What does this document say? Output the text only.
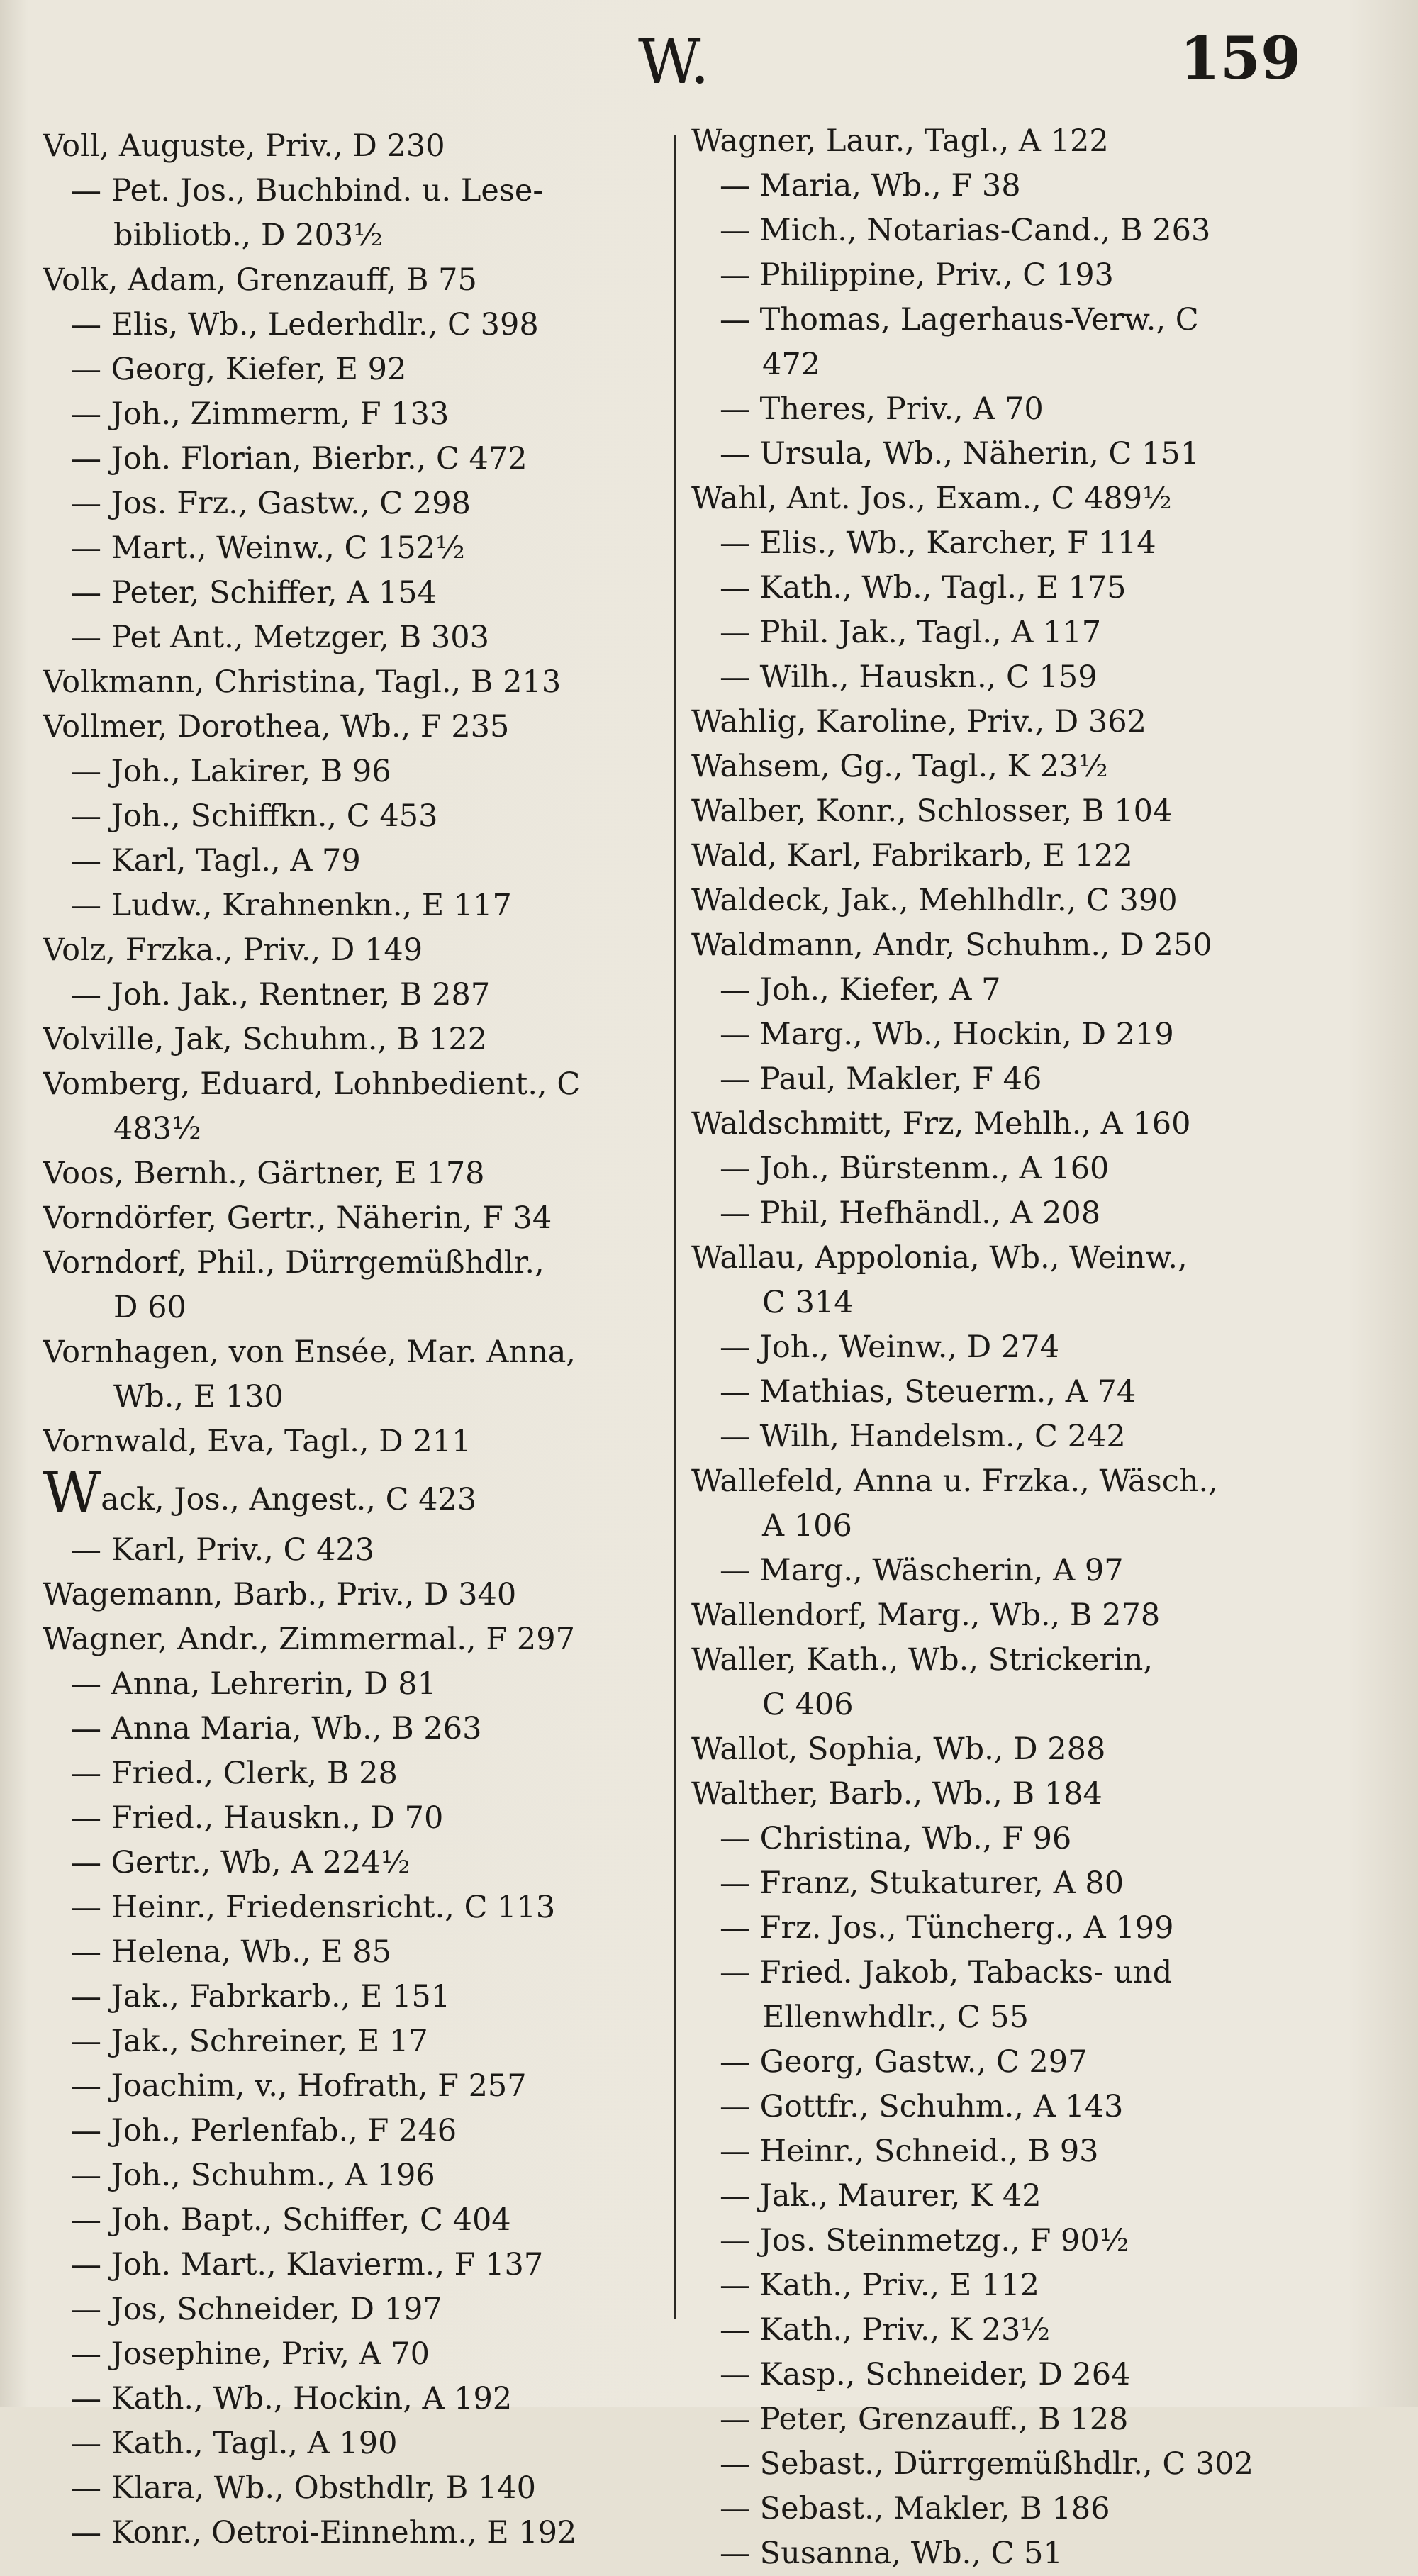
W.	159
Voll, Auguste, Priv., D 230
— Pet. Jos., Buchbind. u. Lese-
bibliotb., D 203½
Volk, Adam, Grenzauff, B 75
— Elis, Wb., Lederhdlr., C 398
— Georg, Kiefer, E 92
— Joh., Zimmerm, F 133
— Joh. Florian, Bierbr., C 472
— Jos. Frz., Gastw., C 298
— Mart., Weinw., C 152½
— Peter, Schiffer, A 154
— Pet Ant., Metzger, B 303
Volkmann, Christina, Tagl., B 213
Vollmer, Dorothea, Wb., F 235
— Joh., Lakirer, B 96
— Joh., Schiffkn., C 453
— Karl, Tagl., A 79
— Ludw., Krahnenkn., E 117
Volz, Frzka., Priv., D 149
— Joh. Jak., Rentner, B 287
Volville, Jak, Schuhm., B 122
Vomberg, Eduard, Lohnbedient., C
483½
Voos, Bernh., Gärtner, E 178
Vorndörfer, Gertr., Näherin, F 34
Vorndorf, Phil., Dürrgemüßhdlr.,
D 60
Vornhagen, von Ensée, Mar. Anna,
Wb., E 130
Vornwald, Eva, Tagl., D 211
Wack, Jos., Angest., C 423
— Karl, Priv., C 423
Wagemann, Barb., Priv., D 340
Wagner, Andr., Zimmermal., F 297
— Anna, Lehrerin, D 81
— Anna Maria, Wb., B 263
— Fried., Clerk, B 28
— Fried., Hauskn., D 70
— Gertr., Wb, A 224½
— Heinr., Friedensricht., C 113
— Helena, Wb., E 85
— Jak., Fabrkarb., E 151
— Jak., Schreiner, E 17
— Joachim, v., Hofrath, F 257
— Joh., Perlenfab., F 246
— Joh., Schuhm., A 196
— Joh. Bapt., Schiffer, C 404
— Joh. Mart., Klavierm., F 137
— Jos, Schneider, D 197
— Josephine, Priv, A 70
— Kath., Wb., Hockin, A 192
— Kath., Tagl., A 190
— Klara, Wb., Obsthdlr, B 140
— Konr., Oetroi-Einnehm., E 192
Wagner, Laur., Tagl., A 122
— Maria, Wb., F 38
— Mich., Notarias-Cand., B 263
— Philippine, Priv., C 193
— Thomas, Lagerhaus-Verw., C
472
— Theres, Priv., A 70
— Ursula, Wb., Näherin, C 151
Wahl, Ant. Jos., Exam., C 489½
— Elis., Wb., Karcher, F 114
— Kath., Wb., Tagl., E 175
— Phil. Jak., Tagl., A 117
— Wilh., Hauskn., C 159
Wahlig, Karoline, Priv., D 362
Wahsem, Gg., Tagl., K 23½
Walber, Konr., Schlosser, B 104
Wald, Karl, Fabrikarb, E 122
Waldeck, Jak., Mehlhdlr., C 390
Waldmann, Andr, Schuhm., D 250
— Joh., Kiefer, A 7
— Marg., Wb., Hockin, D 219
— Paul, Makler, F 46
Waldschmitt, Frz, Mehlh., A 160
— Joh., Bürstenm., A 160
— Phil, Hefhändl., A 208
Wallau, Appolonia, Wb., Weinw.,
C 314
— Joh., Weinw., D 274
— Mathias, Steuerm., A 74
— Wilh, Handelsm., C 242
Wallefeld, Anna u. Frzka., Wäsch.,
A 106
— Marg., Wäscherin, A 97
Wallendorf, Marg., Wb., B 278
Waller, Kath., Wb., Strickerin,
C 406
Wallot, Sophia, Wb., D 288
Walther, Barb., Wb., B 184
— Christina, Wb., F 96
— Franz, Stukaturer, A 80
— Frz. Jos., Tüncherg., A 199
— Fried. Jakob, Tabacks- und
Ellenwhdlr., C 55
— Georg, Gastw., C 297
— Gottfr., Schuhm., A 143
— Heinr., Schneid., B 93
— Jak., Maurer, K 42
— Jos. Steinmetzg., F 90½
— Kath., Priv., E 112
— Kath., Priv., K 23½
— Kasp., Schneider, D 264
— Peter, Grenzauff., B 128
— Sebast., Dürrgemüßhdlr., C 302
— Sebast., Makler, B 186
— Susanna, Wb., C 51
